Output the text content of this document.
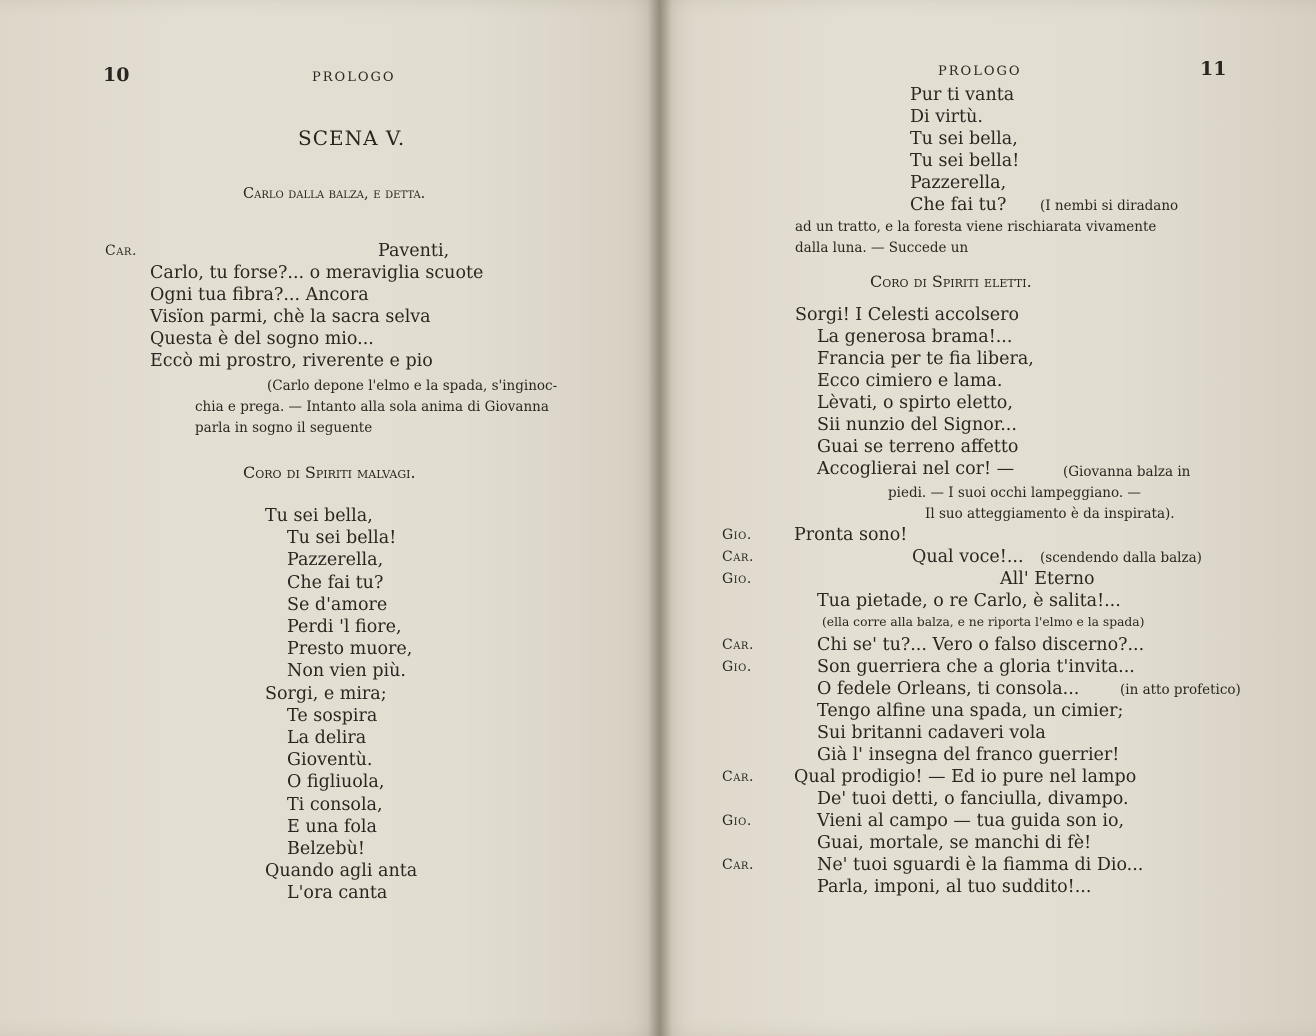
10	PROLOGO
SCENA V.
Carlo dalla balza, e detta.
Car.	Paventi,
Carlo, tu forse?... o meraviglia scuote
Ogni tua fibra?... Ancora
Visïon parmi, chè la sacra selva
Questa è del sogno mio...
Eccò mi prostro, riverente e pio
(Carlo depone l'elmo e la spada, s'inginoc-
chia e prega. — Intanto alla sola anima di Giovanna
parla in sogno il seguente
Coro di Spiriti malvagi.
Tu sei bella,
Tu sei bella!
Pazzerella,
Che fai tu?
Se d'amore
Perdi 'l fiore,
Presto muore,
Non vien più.
Sorgi, e mira;
Te sospira
La delira
Gioventù.
O figliuola,
Ti consola,
E una fola
Belzebù!
Quando agli anta
L'ora canta
PROLOGO	11
Pur ti vanta
Di virtù.
Tu sei bella,
Tu sei bella!
Pazzerella,
Che fai tu?	(I nembi si diradano
ad un tratto, e la foresta viene rischiarata vivamente
dalla luna. — Succede un
Coro di Spiriti eletti.
Sorgi! I Celesti accolsero
La generosa brama!...
Francia per te fia libera,
Ecco cimiero e lama.
Lèvati, o spirto eletto,
Sii nunzio del Signor...
Guai se terreno affetto
Accoglierai nel cor! —	(Giovanna balza in
piedi. — I suoi occhi lampeggiano. —
Il suo atteggiamento è da inspirata).
Gio. Pronta sono!
Car.	Qual voce!... (scendendo dalla balza)
Gio.	All' Eterno
Tua pietade, o re Carlo, è salita!...
(ella corre alla balza, e ne riporta l'elmo e la spada)
Car.	Chi se' tu?... Vero o falso discerno?...
Gio.	Son guerriera che a gloria t'invita...
O fedele Orleans, ti consola...	(in atto profetico)
Tengo alfine una spada, un cimier;
Sui britanni cadaveri vola
Già l' insegna del franco guerrier!
Car. Qual prodigio! — Ed io pure nel lampo
De' tuoi detti, o fanciulla, divampo.
Gio.	Vieni al campo — tua guida son io,
Guai, mortale, se manchi di fè!
Car.	Ne' tuoi sguardi è la fiamma di Dio...
Parla, imponi, al tuo suddito!...
